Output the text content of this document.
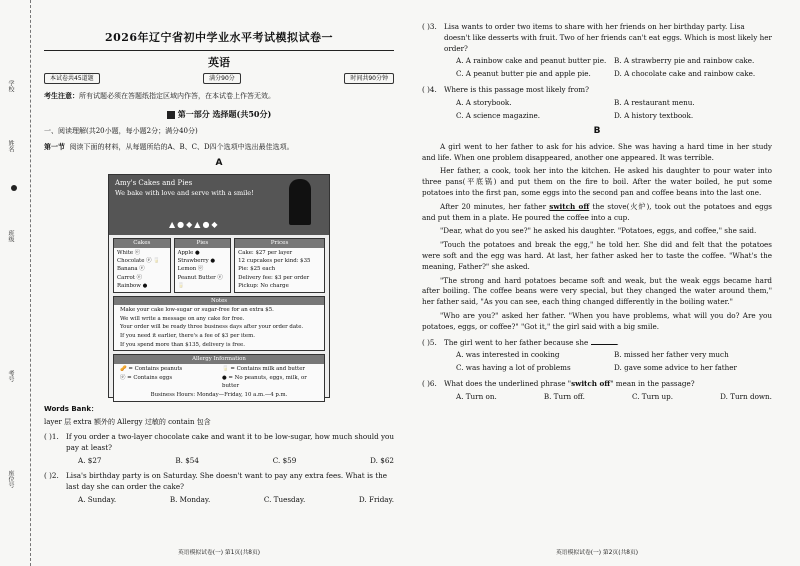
学校
姓名
班级
考号
座位号
2026年辽宁省初中学业水平考试模拟试卷一
英语
本试卷共45道题	满分90分	时间共90分钟
考生注意：所有试题必须在答题纸指定区域内作答，在本试卷上作答无效。
第一部分 选择题(共50分)
一、阅读理解(共20小题，每小题2分；满分40分)
第一节 阅读下面的材料，从每题所给的A、B、C、D四个选项中选出最佳选项。
A
Amy's Cakes and Pies
We bake with love and serve with a smile!
▲●◆▲●◆
Cakes
White ⓔ
Chocolate ⓔ 🥛
Banana ⓔ
Carrot ⓔ
Rainbow ●
Pies
Apple ●
Strawberry ●
Lemon ⓔ
Peanut Butter ⓔ 🥛
Prices
Cake: $27 per layer
12 cupcakes per kind: $35
Pie: $25 each
Delivery fee: $3 per order
Pickup: No charge
Notes
Make your cake low-sugar or sugar-free for an extra $5.
We will write a message on any cake for free.
Your order will be ready three business days after your order date.
If you need it earlier, there's a fee of $3 per item.
If you spend more than $135, delivery is free.
Allergy Information
🥜 = Contains peanuts	🥛 = Contains milk and butter
ⓔ = Contains eggs	● = No peanuts, eggs, milk, or butter
Business Hours: Monday—Friday, 10 a.m.—4 p.m.
Words Bank：
layer 层 extra 额外的 Allergy 过敏的 contain 包含
( )1.	If you order a two-layer chocolate cake and want it to be low-sugar, how much should you pay at least?
A. $27	B. $54	C. $59	D. $62
( )2.	Lisa's birthday party is on Saturday. She doesn't want to pay any extra fees. What is the last day she can order the cake?
A. Sunday.	B. Monday.	C. Tuesday.	D. Friday.
英语模拟试卷(一) 第1页(共8页)
( )3.	Lisa wants to order two items to share with her friends on her birthday party. Lisa doesn't like desserts with fruit. Two of her friends can't eat eggs. Which is most likely her order?
A. A rainbow cake and peanut butter pie.	B. A strawberry pie and rainbow cake.
C. A peanut butter pie and apple pie.	D. A chocolate cake and rainbow cake.
( )4.	Where is this passage most likely from?
A. A storybook.	B. A restaurant menu.
C. A science magazine.	D. A history textbook.
B
A girl went to her father to ask for his advice. She was having a hard time in her study and life. When one problem disappeared, another one appeared. It was terrible.
Her father, a cook, took her into the kitchen. He asked his daughter to pour water into three pans(平底锅) and put them on the fire to boil. After the water boiled, he put some potatoes into the first pan, some eggs into the second pan and coffee beans into the last one.
After 20 minutes, her father switch off the stove(火炉), took out the potatoes and eggs and put them in a plate. He poured the coffee into a cup.
"Dear, what do you see?" he asked his daughter. "Potatoes, eggs, and coffee," she said.
"Touch the potatoes and break the egg," he told her. She did and felt that the potatoes were soft and the egg was hard. At last, her father asked her to taste the coffee. "What's the meaning, Father?" she asked.
"The strong and hard potatoes became soft and weak, but the weak eggs became hard after boiling. The coffee beans were very special, but they changed the water around them," her father said, "As you can see, each thing changed differently in the boiling water."
"Who are you?" asked her father. "When you have problems, what will you do? Are you potatoes, eggs, or coffee?" "Got it," the girl said with a big smile.
( )5.	The girl went to her father because she	.
A. was interested in cooking	B. missed her father very much
C. was having a lot of problems	D. gave some advice to her father
( )6.	What does the underlined phrase "switch off" mean in the passage?
A. Turn on.	B. Turn off.	C. Turn up.	D. Turn down.
英语模拟试卷(一) 第2页(共8页)
